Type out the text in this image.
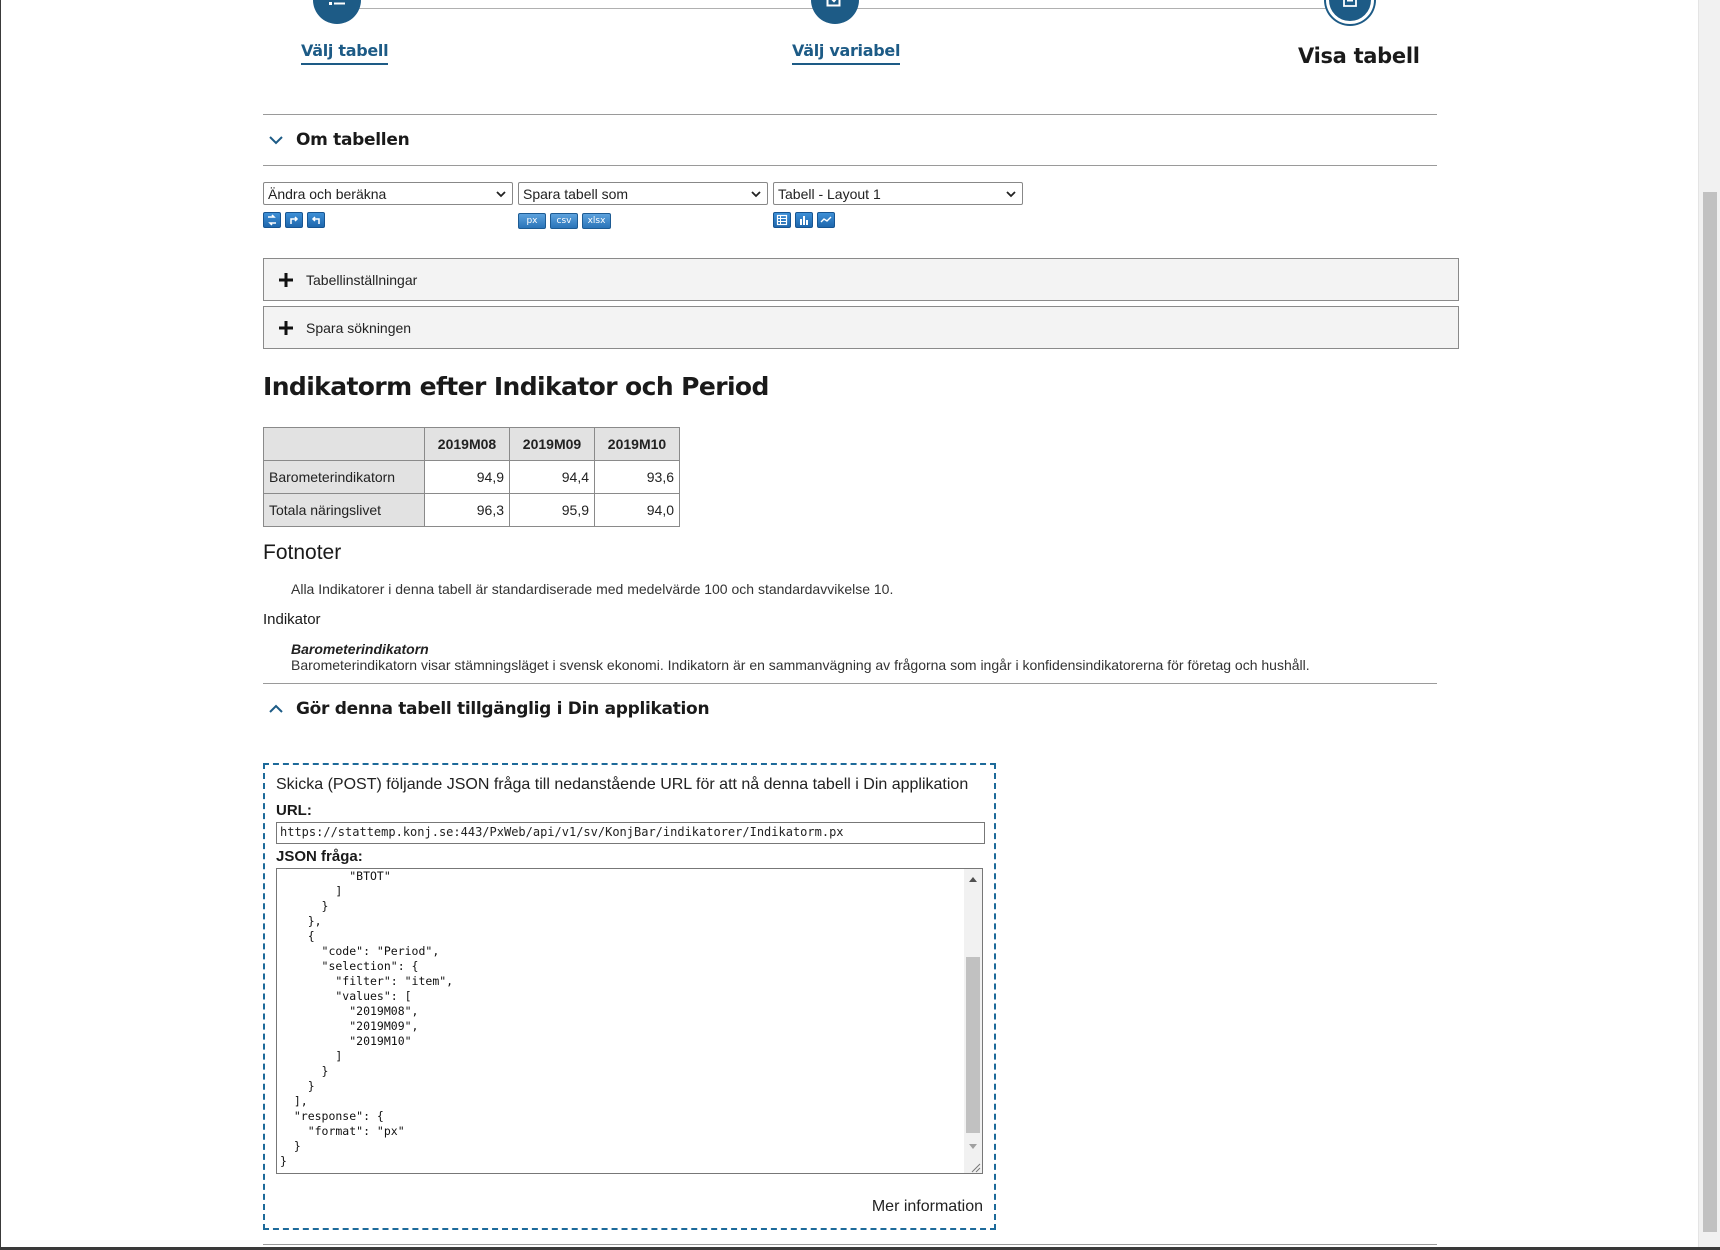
Välj tabell	Välj variabel	Visa tabell
Om tabellen
Ändra och beräkna	Spara tabell som	Tabell - Layout 1
px	csv	xlsx
Tabellinställningar
Spara sökningen
Indikatorm efter Indikator och Period
	2019M08	2019M09	2019M10
Barometerindikatorn	94,9	94,4	93,6
Totala näringslivet	96,3	95,9	94,0
Fotnoter
Alla Indikatorer i denna tabell är standardiserade med medelvärde 100 och standardavvikelse 10.
Indikator
Barometerindikatorn
Barometerindikatorn visar stämningsläget i svensk ekonomi. Indikatorn är en sammanvägning av frågorna som ingår i konfidensindikatorerna för företag och hushåll.
Gör denna tabell tillgänglig i Din applikation
Skicka (POST) följande JSON fråga till nedanstående URL för att nå denna tabell i Din applikation
URL:
https://stattemp.konj.se:443/PxWeb/api/v1/sv/KonjBar/indikatorer/Indikatorm.px
JSON fråga:
"BTOT"
]
}
},
{
"code": "Period",
"selection": {
"filter": "item",
"values": [
"2019M08",
"2019M09",
"2019M10"
]
}
}
],
"response": {
"format": "px"
}
}
Mer information
